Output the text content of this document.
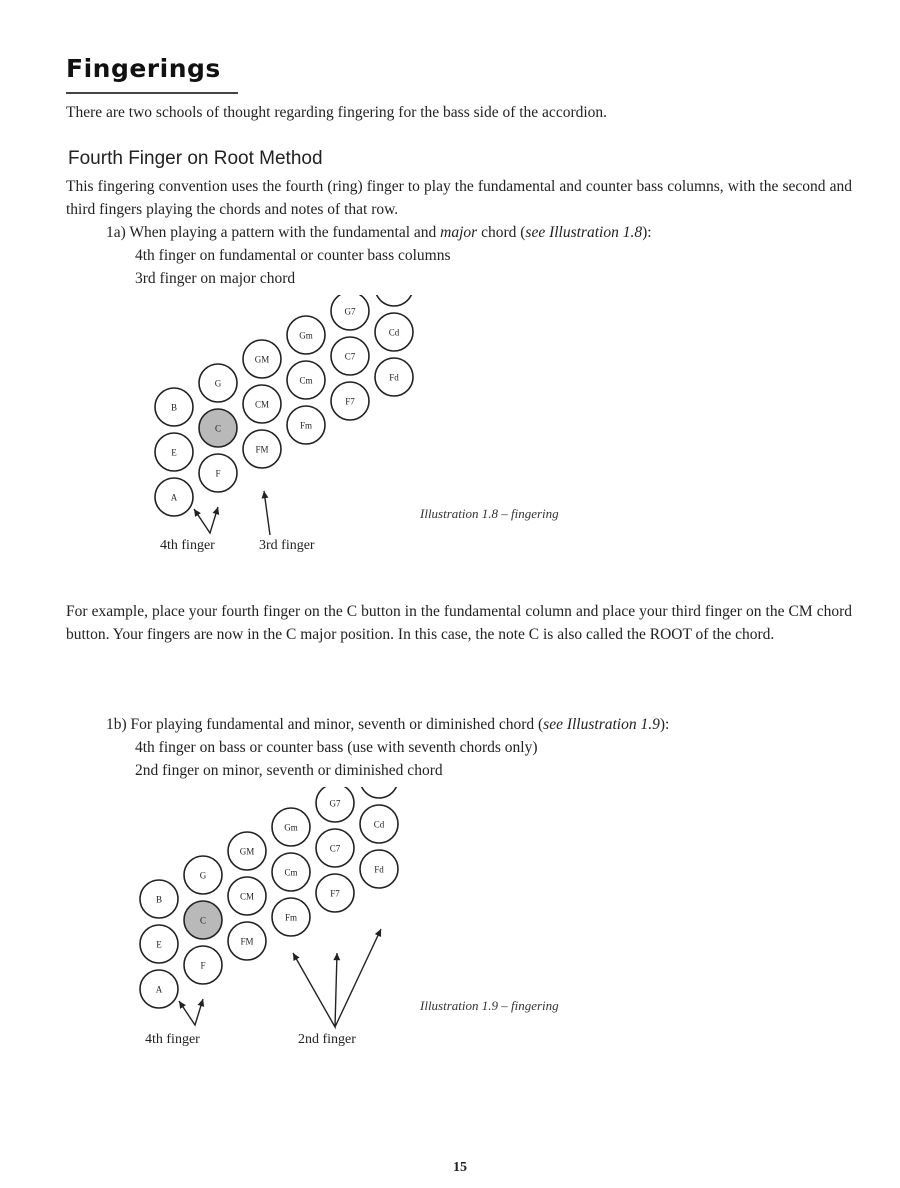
Fingerings
There are two schools of thought regarding fingering for the bass side of the accordion.
Fourth Finger on Root Method
This fingering convention uses the fourth (ring) finger to play the fundamental and counter bass columns, with the second and third fingers playing the chords and notes of that row.
1a) When playing a pattern with the fundamental and major chord (see Illustration 1.8):
4th finger on fundamental or counter bass columns
3rd finger on major chord
A
F
FM
Fm
F7
Fd
E
C
CM
Cm
C7
Cd
B
G
GM
Gm
G7
4th finger	3rd finger
Illustration 1.8 – fingering
For example, place your fourth finger on the C button in the fundamental column and place your third finger on the CM chord button. Your fingers are now in the C major position. In this case, the note C is also called the ROOT of the chord.
1b) For playing fundamental and minor, seventh or diminished chord (see Illustration 1.9):
4th finger on bass or counter bass (use with seventh chords only)
2nd finger on minor, seventh or diminished chord
A
F
FM
Fm
F7
Fd
E
C
CM
Cm
C7
Cd
B
G
GM
Gm
G7
4th finger	2nd finger
Illustration 1.9 – fingering
15
